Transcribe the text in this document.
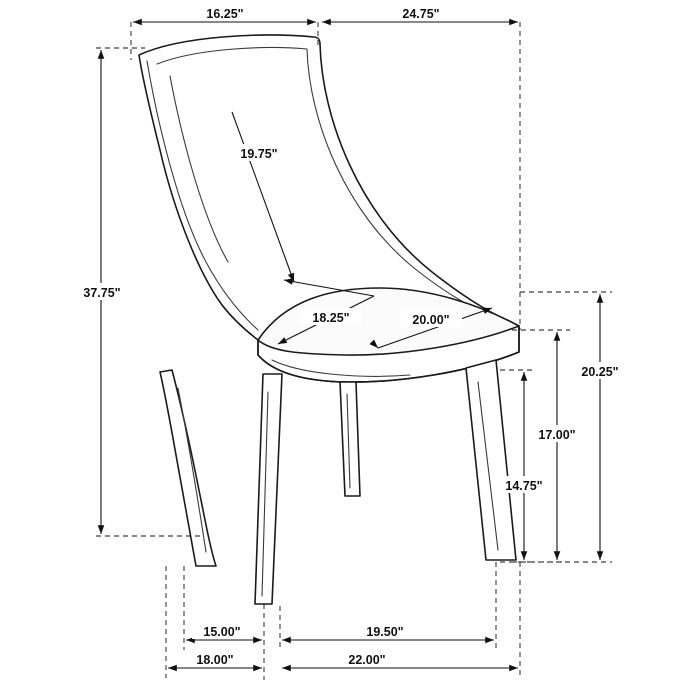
16.25"	24.75"
19.75"
37.75"
18.25"	20.00"
20.25"
17.00"
14.75"
15.00"
18.00"
19.50"
22.00"
